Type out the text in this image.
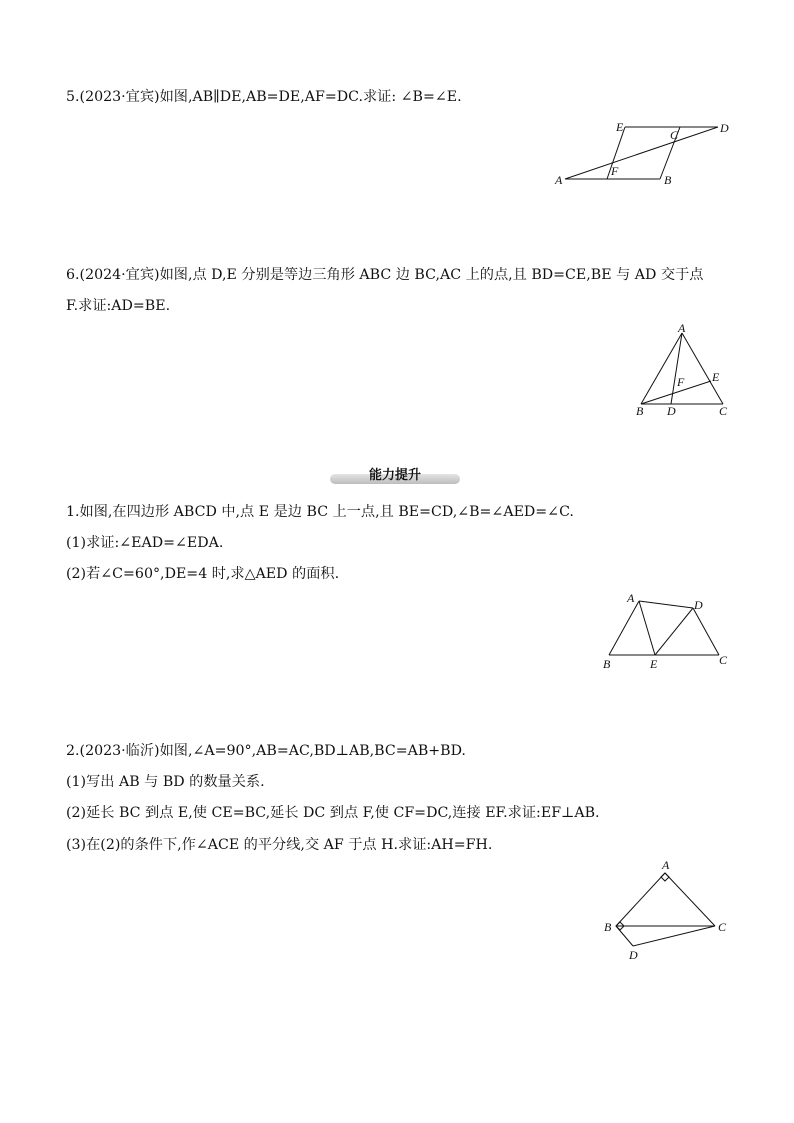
5.(2023·宜宾)如图,AB∥DE,AB=DE,AF=DC.求证: ∠B=∠E.
A	B
C	D
E
F
6.(2024·宜宾)如图,点 D,E 分别是等边三角形 ABC 边 BC,AC 上的点,且 BD=CE,BE 与 AD 交于点
F.求证:AD=BE.
A
B	C
D
E
F
能力提升
1.如图,在四边形 ABCD 中,点 E 是边 BC 上一点,且 BE=CD,∠B=∠AED=∠C.
(1)求证:∠EAD=∠EDA.
(2)若∠C=60°,DE=4 时,求△AED 的面积.
A
B	C
D
E
2.(2023·临沂)如图,∠A=90°,AB=AC,BD⊥AB,BC=AB+BD.
(1)写出 AB 与 BD 的数量关系.
(2)延长 BC 到点 E,使 CE=BC,延长 DC 到点 F,使 CF=DC,连接 EF.求证:EF⊥AB.
(3)在(2)的条件下,作∠ACE 的平分线,交 AF 于点 H.求证:AH=FH.
A
B	C
D
